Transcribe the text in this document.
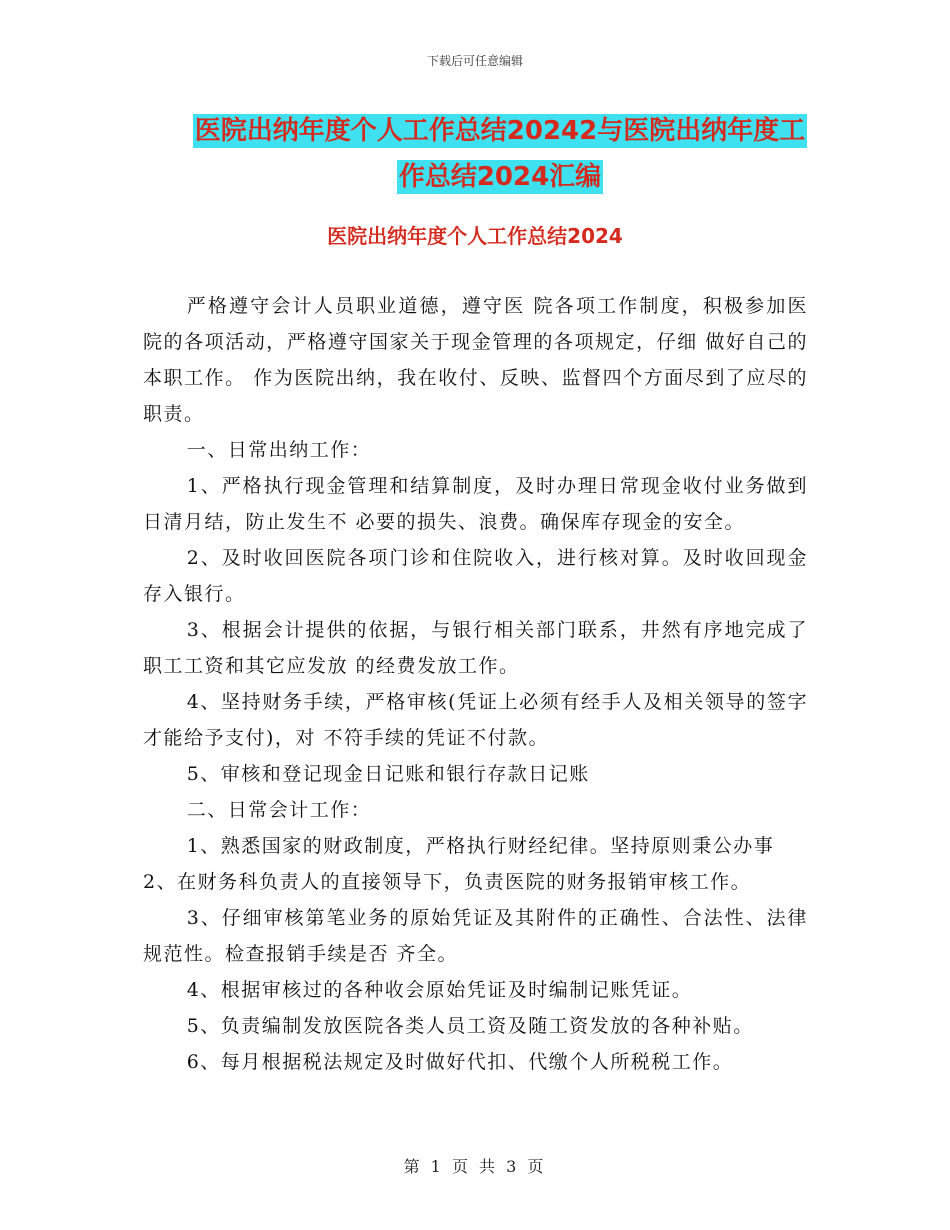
下载后可任意编辑
医院出纳年度个人工作总结20242与医院出纳年度工
作总结2024汇编
医院出纳年度个人工作总结2024

严格遵守会计人员职业道德，遵守医 院各项工作制度，积极参加医院的各项活动，严格遵守国家关于现金管理的各项规定，仔细 做好自己的本职工作。 作为医院出纳，我在收付、反映、监督四个方面尽到了应尽的职责。

一、日常出纳工作：

1、严格执行现金管理和结算制度，及时办理日常现金收付业务做到日清月结，防止发生不 必要的损失、浪费。确保库存现金的安全。

2、及时收回医院各项门诊和住院收入，进行核对算。及时收回现金存入银行。

3、根据会计提供的依据，与银行相关部门联系，井然有序地完成了职工工资和其它应发放 的经费发放工作。

4、坚持财务手续，严格审核(凭证上必须有经手人及相关领导的签字才能给予支付)，对 不符手续的凭证不付款。

5、审核和登记现金日记账和银行存款日记账

二、日常会计工作：

1、熟悉国家的财政制度，严格执行财经纪律。坚持原则秉公办事

2、在财务科负责人的直接领导下，负责医院的财务报销审核工作。

3、仔细审核第笔业务的原始凭证及其附件的正确性、合法性、法律规范性。检查报销手续是否 齐全。

4、根据审核过的各种收会原始凭证及时编制记账凭证。

5、负责编制发放医院各类人员工资及随工资发放的各种补贴。

6、每月根据税法规定及时做好代扣、代缴个人所税税工作。

第 1 页 共 3 页
